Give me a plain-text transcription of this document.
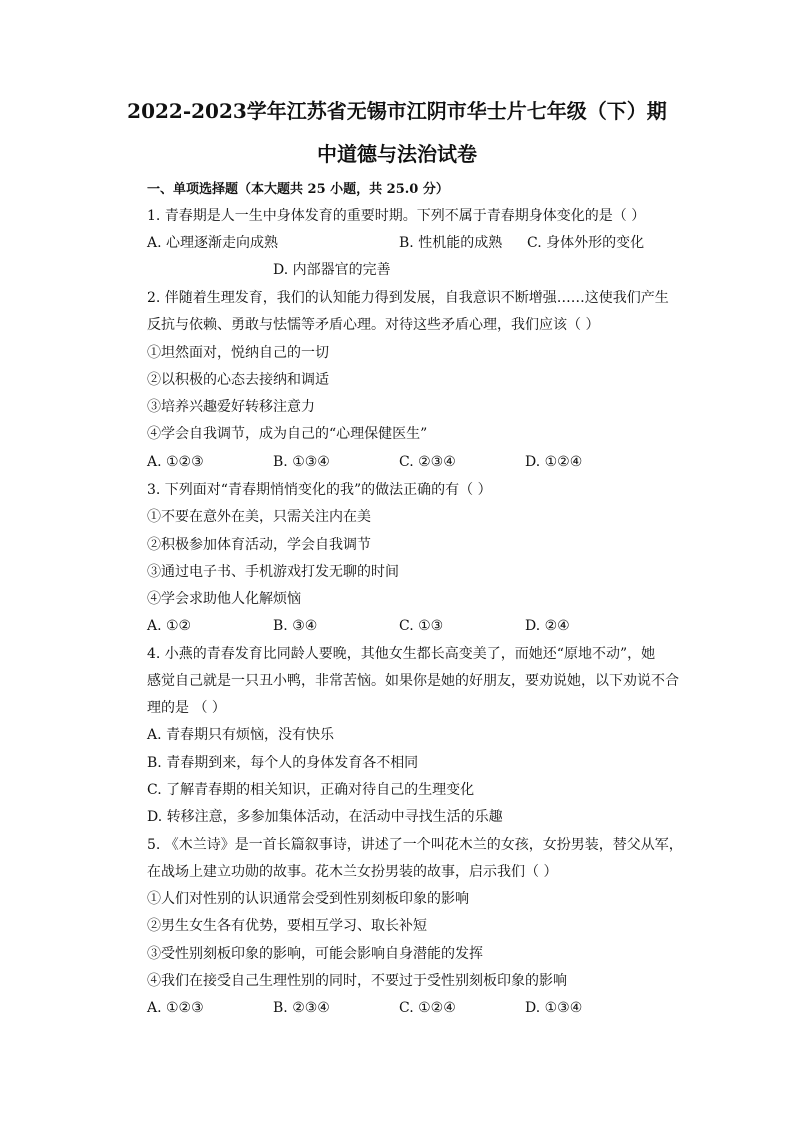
2022-2023学年江苏省无锡市江阴市华士片七年级（下）期
中道德与法治试卷
一、单项选择题（本大题共 25 小题，共 25.0 分）
1. 青春期是人一生中身体发育的重要时期。下列不属于青春期身体变化的是（ ）
A. 心理逐渐走向成熟	B. 性机能的成熟 C. 身体外形的变化
D. 内部器官的完善
2. 伴随着生理发育，我们的认知能力得到发展，自我意识不断增强……这使我们产生
反抗与依赖、勇敢与怯懦等矛盾心理。对待这些矛盾心理，我们应该（ ）
①坦然面对，悦纳自己的一切
②以积极的心态去接纳和调适
③培养兴趣爱好转移注意力
④学会自我调节，成为自己的“心理保健医生”
A. ①②③	B. ①③④	C. ②③④	D. ①②④
3. 下列面对“青春期悄悄变化的我”的做法正确的有（ ）
①不要在意外在美，只需关注内在美
②积极参加体育活动，学会自我调节
③通过电子书、手机游戏打发无聊的时间
④学会求助他人化解烦恼
A. ①②	B. ③④	C. ①③	D. ②④
4. 小燕的青春发育比同龄人要晚，其他女生都长高变美了，而她还“原地不动”，她
感觉自己就是一只丑小鸭，非常苦恼。如果你是她的好朋友，要劝说她，以下劝说不合
理的是 （ ）
A. 青春期只有烦恼，没有快乐
B. 青春期到来，每个人的身体发育各不相同
C. 了解青春期的相关知识，正确对待自己的生理变化
D. 转移注意，多参加集体活动，在活动中寻找生活的乐趣
5. 《木兰诗》是一首长篇叙事诗，讲述了一个叫花木兰的女孩，女扮男装，替父从军，
在战场上建立功勋的故事。花木兰女扮男装的故事，启示我们（ ）
①人们对性别的认识通常会受到性别刻板印象的影响
②男生女生各有优势，要相互学习、取长补短
③受性别刻板印象的影响，可能会影响自身潜能的发挥
④我们在接受自己生理性别的同时，不要过于受性别刻板印象的影响
A. ①②③	B. ②③④	C. ①②④	D. ①③④
